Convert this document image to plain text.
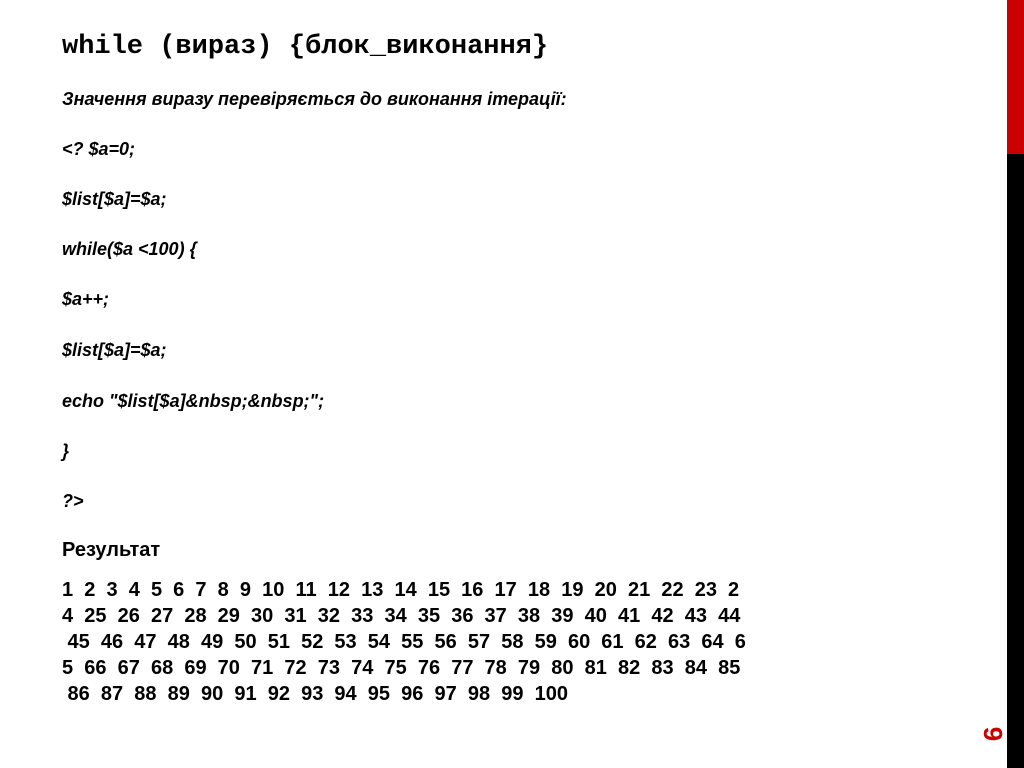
while (вираз) {блок_виконання}
Значення виразу перевіряється до виконання ітерації:
<? $a=0;
$list[$a]=$a;
while($a <100) {
$a++;
$list[$a]=$a;
echo "$list[$a]&nbsp;&nbsp;";
}
?>
Результат
1  2  3  4  5  6  7  8  9  10  11  12  13  14  15  16  17  18  19  20  21  22  23  2
4  25  26  27  28  29  30  31  32  33  34  35  36  37  38  39  40  41  42  43  44
45  46  47  48  49  50  51  52  53  54  55  56  57  58  59  60  61  62  63  64  6
5  66  67  68  69  70  71  72  73  74  75  76  77  78  79  80  81  82  83  84  85
86  87  88  89  90  91  92  93  94  95  96  97  98  99  100
9
